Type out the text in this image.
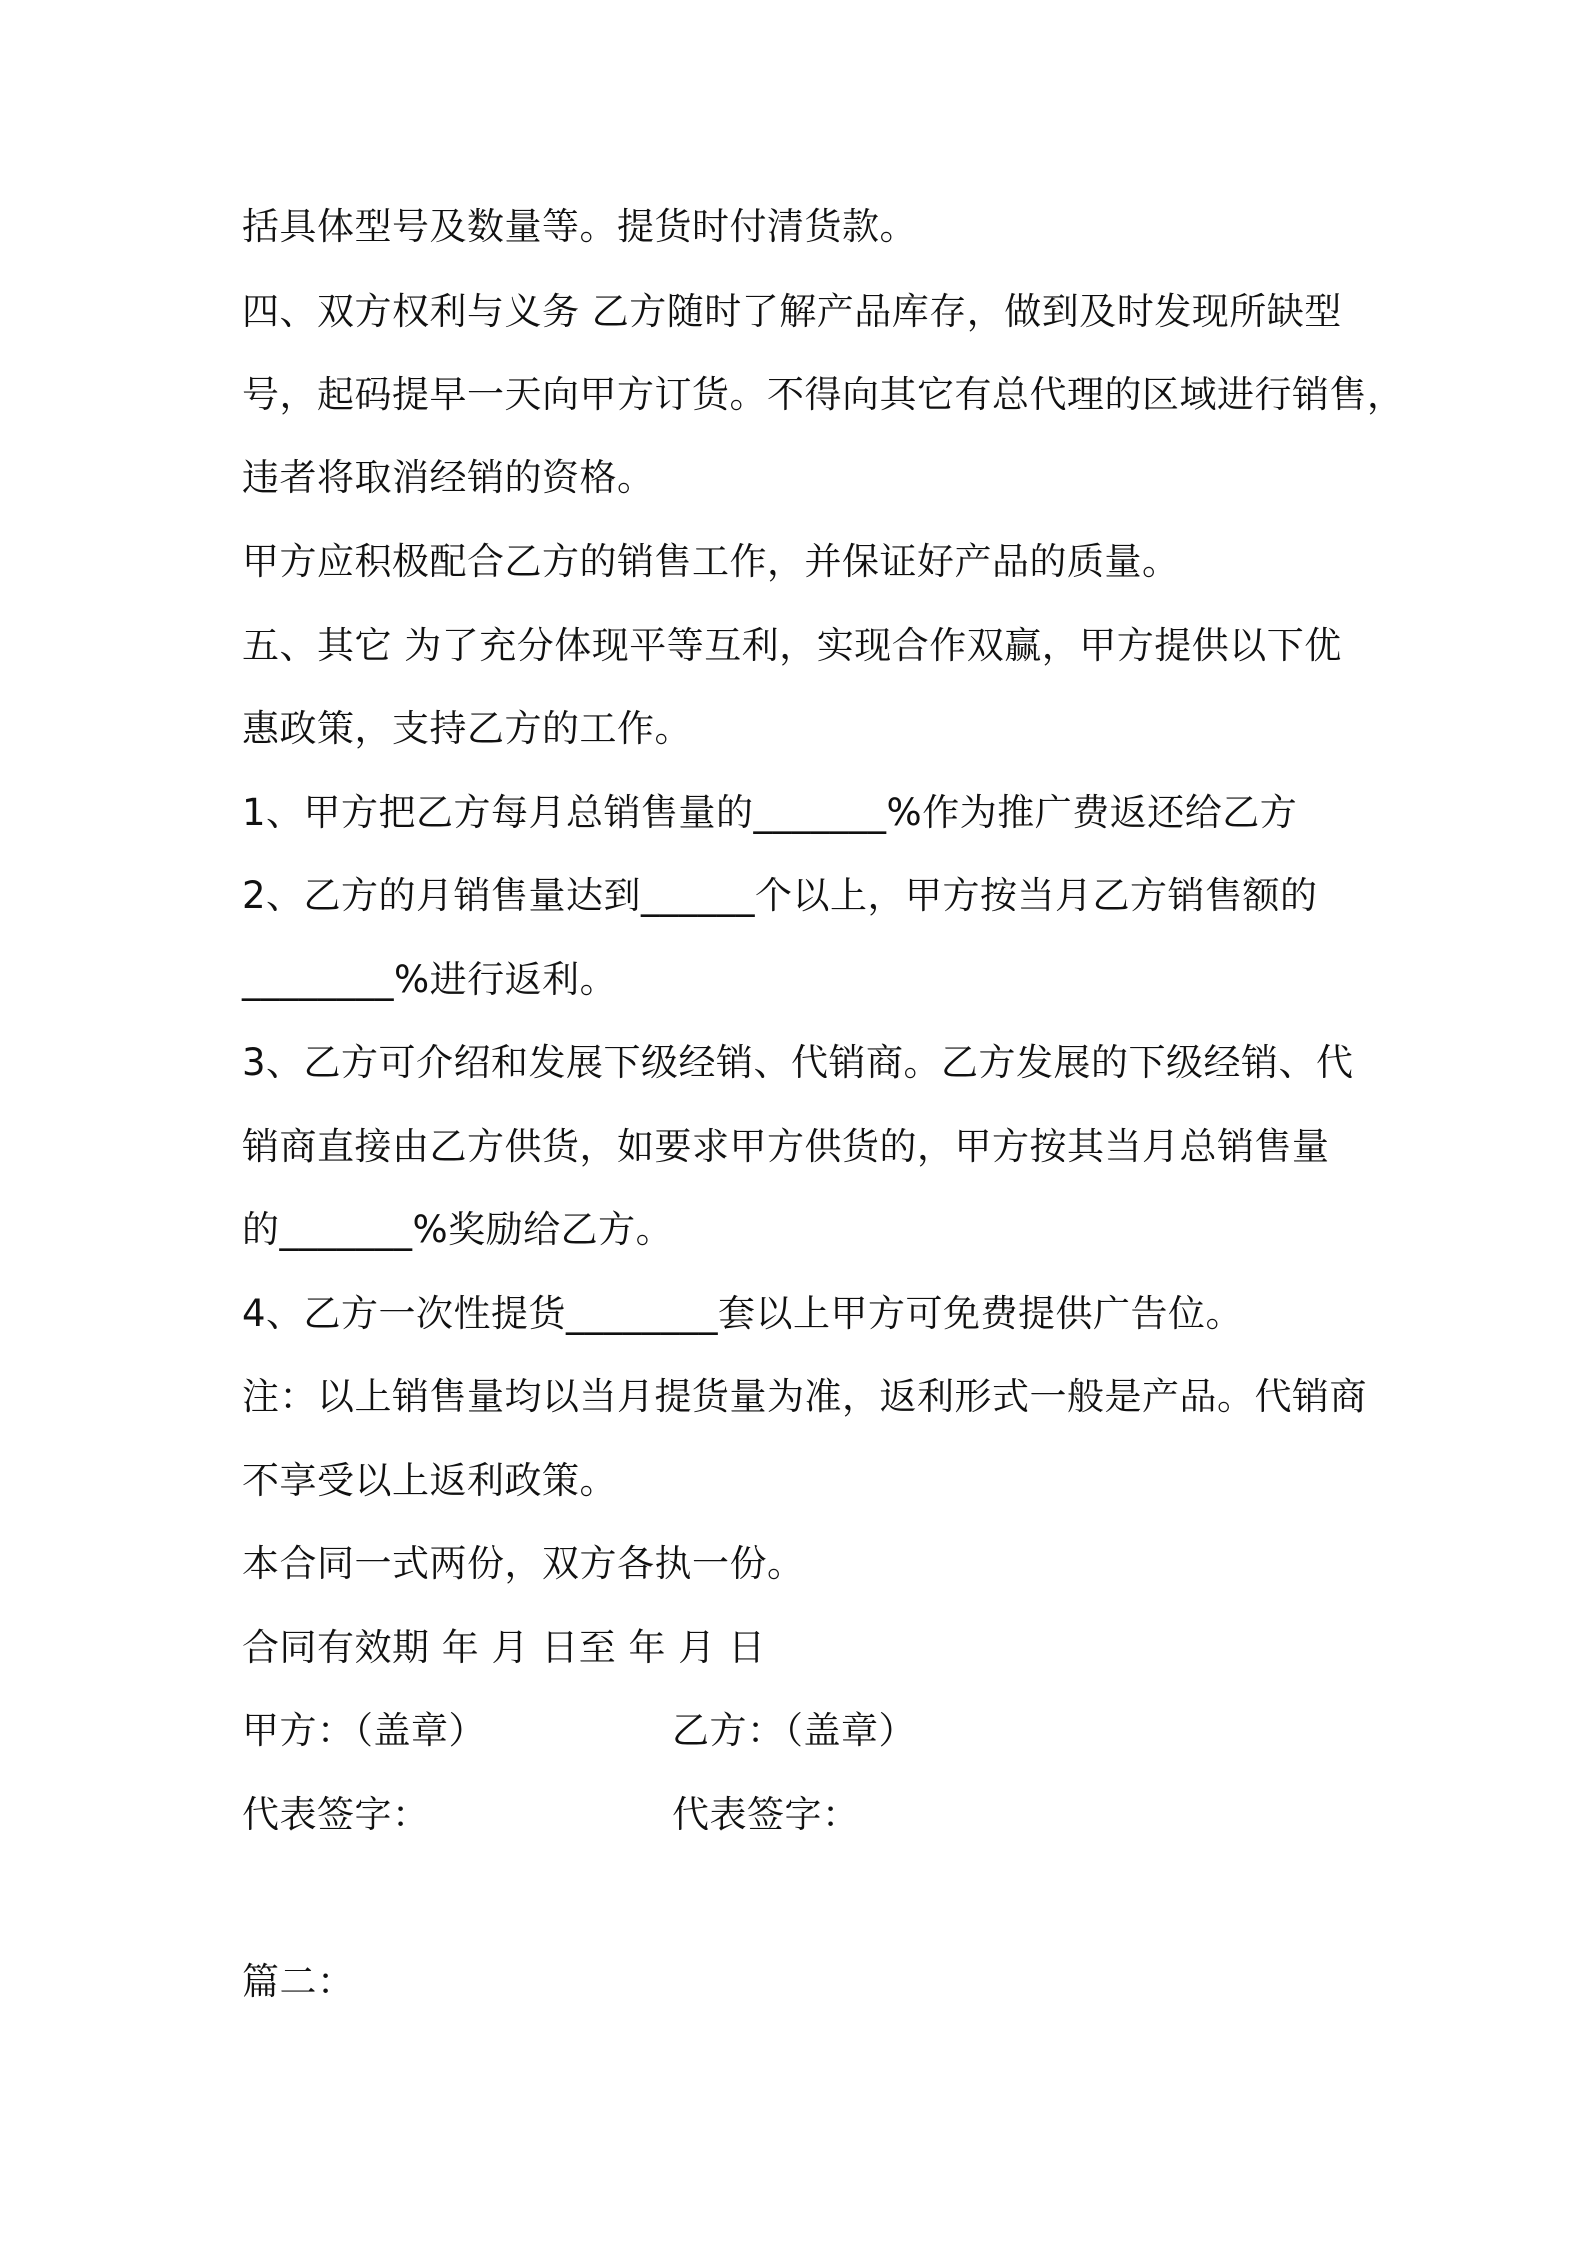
括具体型号及数量等。提货时付清货款。
四、双方权利与义务 乙方随时了解产品库存，做到及时发现所缺型
号，起码提早一天向甲方订货。不得向其它有总代理的区域进行销售，
违者将取消经销的资格。
甲方应积极配合乙方的销售工作，并保证好产品的质量。
五、其它 为了充分体现平等互利，实现合作双赢，甲方提供以下优
惠政策，支持乙方的工作。
1、甲方把乙方每月总销售量的_______%作为推广费返还给乙方
2、乙方的月销售量达到______个以上，甲方按当月乙方销售额的
________%进行返利。
3、乙方可介绍和发展下级经销、代销商。乙方发展的下级经销、代
销商直接由乙方供货，如要求甲方供货的，甲方按其当月总销售量
的_______%奖励给乙方。
4、乙方一次性提货________套以上甲方可免费提供广告位。
注：以上销售量均以当月提货量为准，返利形式一般是产品。代销商
不享受以上返利政策。
本合同一式两份，双方各执一份。
合同有效期 年 月 日至 年 月 日
甲方：（盖章）	乙方：（盖章）
代表签字：	代表签字：
篇二：
